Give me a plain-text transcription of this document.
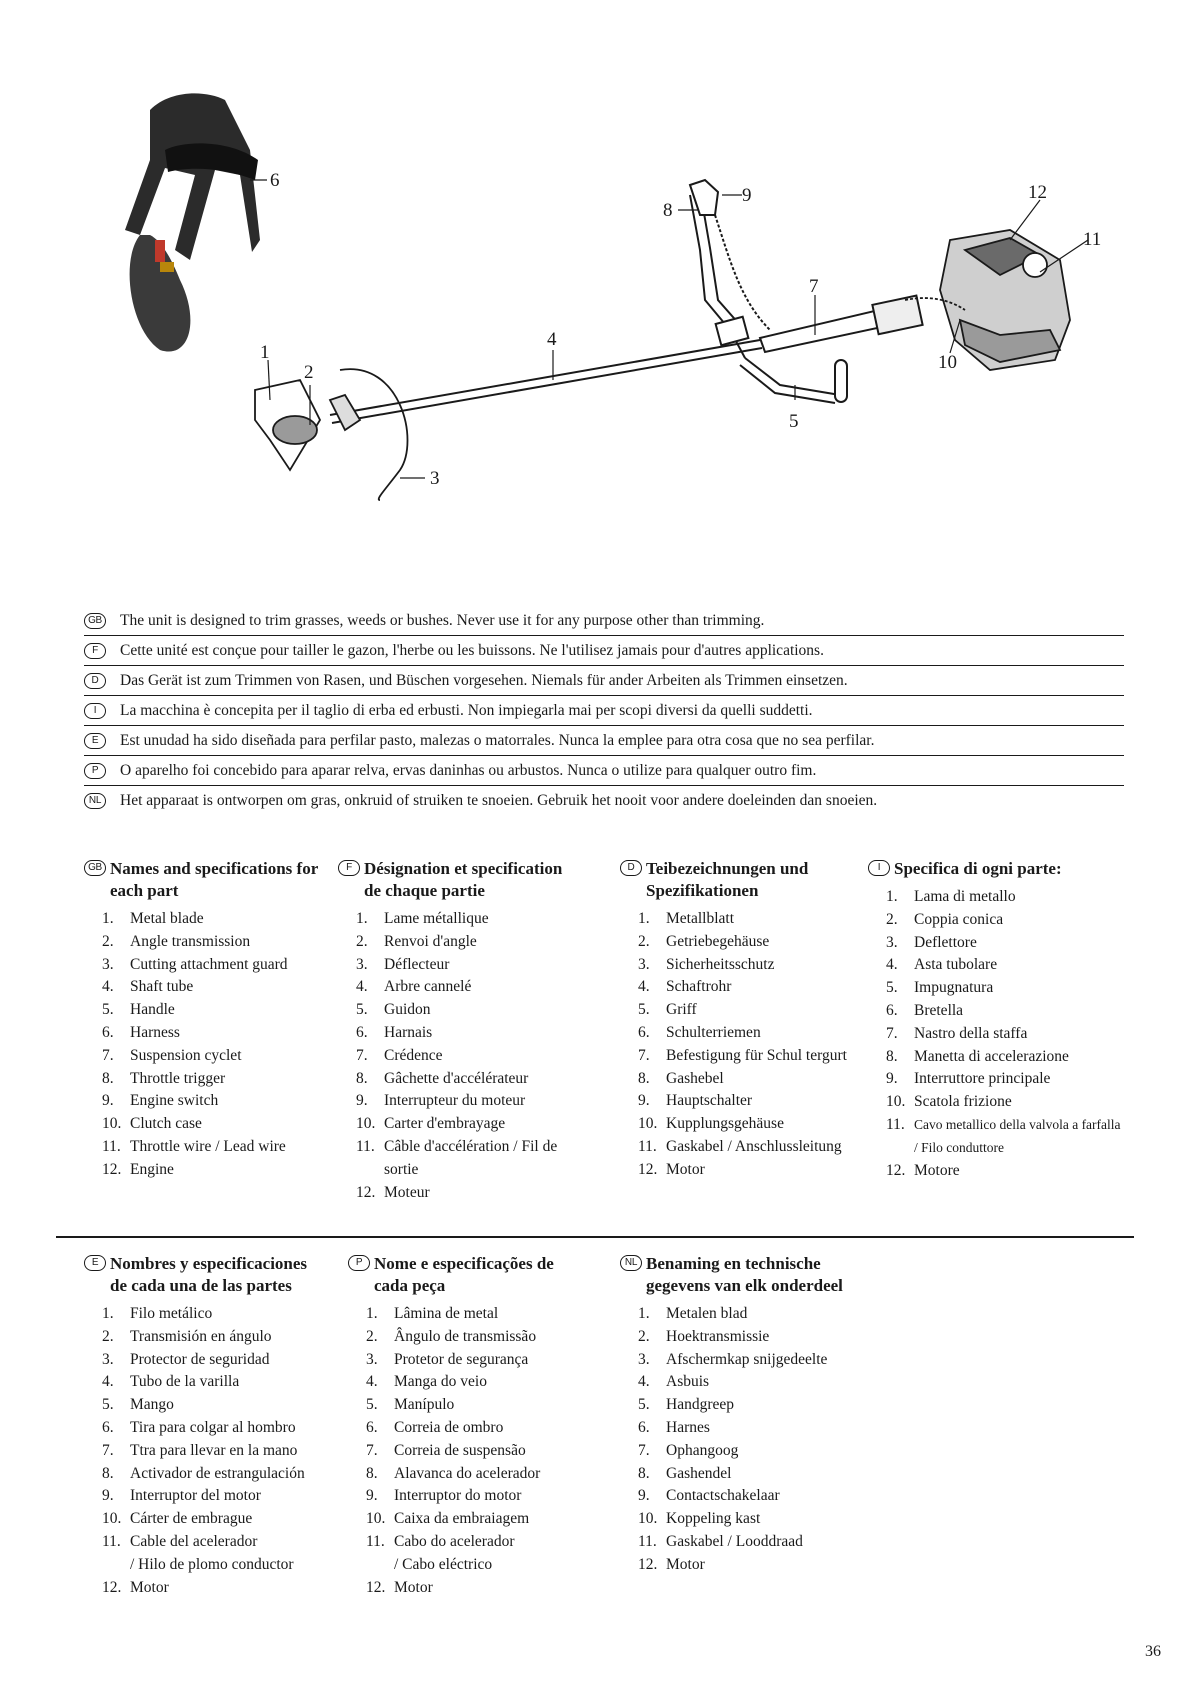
6
1
2
3
4
5
7
8
9
10
11
12
GB The unit is designed to trim grasses, weeds or bushes. Never use it for any purpose other than trimming.
F	Cette unité est conçue pour tailler le gazon, l'herbe ou les buissons. Ne l'utilisez jamais pour d'autres applications.
D	Das Gerät ist zum Trimmen von Rasen, und Büschen vorgesehen. Niemals für ander Arbeiten als Trimmen einsetzen.
I	La macchina è concepita per il taglio di erba ed erbusti. Non impiegarla mai per scopi diversi da quelli suddetti.
E	Est unudad ha sido diseñada para perfilar pasto, malezas o matorrales. Nunca la emplee para otra cosa que no sea perfilar.
P	O aparelho foi concebido para aparar relva, ervas daninhas ou arbustos. Nunca o utilize para qualquer outro fim.
NL	Het apparaat is ontworpen om gras, onkruid of struiken te snoeien. Gebruik het nooit voor andere doeleinden dan snoeien.
GB Names and specifications for each part
1.	Metal blade
2.	Angle transmission
3.	Cutting attachment guard
4.	Shaft tube
5.	Handle
6.	Harness
7.	Suspension cyclet
8.	Throttle trigger
9.	Engine switch
10. Clutch case
11. Throttle wire / Lead wire
12. Engine
F Désignation et specification de chaque partie
1.	Lame métallique
2.	Renvoi d'angle
3.	Déflecteur
4.	Arbre cannelé
5.	Guidon
6.	Harnais
7.	Crédence
8.	Gâchette d'accélérateur
9.	Interrupteur du moteur
10. Carter d'embrayage
11. Câble d'accélération / Fil de sortie
12. Moteur
D Teibezeichnungen und Spezifikationen
1.	Metallblatt
2.	Getriebegehäuse
3.	Sicherheitsschutz
4.	Schaftrohr
5.	Griff
6.	Schulterriemen
7.	Befestigung für Schul tergurt
8.	Gashebel
9.	Hauptschalter
10. Kupplungsgehäuse
11. Gaskabel / Anschlussleitung
12. Motor
I Specifica di ogni parte:
1.	Lama di metallo
2.	Coppia conica
3.	Deflettore
4.	Asta tubolare
5.	Impugnatura
6.	Bretella
7.	Nastro della staffa
8.	Manetta di accelerazione
9.	Interruttore principale
10. Scatola frizione
11. Cavo metallico della valvola a farfalla
/ Filo conduttore
12. Motore
E Nombres y especificaciones de cada una de las partes
1.	Filo metálico
2.	Transmisión en ángulo
3.	Protector de seguridad
4.	Tubo de la varilla
5.	Mango
6.	Tira para colgar al hombro
7.	Ttra para llevar en la mano
8.	Activador de estrangulación
9.	Interruptor del motor
10. Cárter de embrague
11. Cable del acelerador
/ Hilo de plomo conductor
12. Motor
P Nome e especificações de cada peça
1.	Lâmina de metal
2.	Ângulo de transmissão
3.	Protetor de segurança
4.	Manga do veio
5.	Manípulo
6.	Correia de ombro
7.	Correia de suspensão
8.	Alavanca do acelerador
9.	Interruptor do motor
10. Caixa da embraiagem
11. Cabo do acelerador
/ Cabo eléctrico
12. Motor
NL Benaming en technische gegevens van elk onderdeel
1.	Metalen blad
2.	Hoektransmissie
3.	Afschermkap snijgedeelte
4.	Asbuis
5.	Handgreep
6.	Harnes
7.	Ophangoog
8.	Gashendel
9.	Contactschakelaar
10. Koppeling kast
11. Gaskabel / Looddraad
12. Motor
36
